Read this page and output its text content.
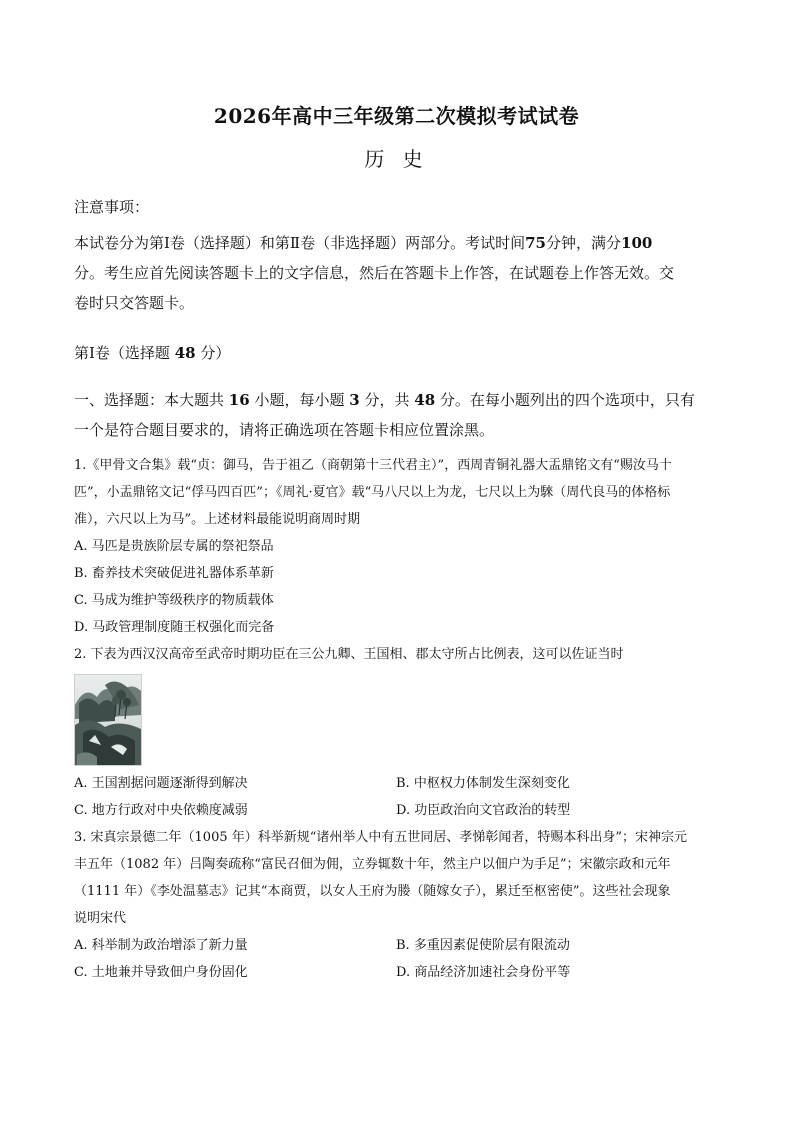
2026年高中三年级第二次模拟考试试卷
历 史
注意事项：
本试卷分为第Ⅰ卷（选择题）和第Ⅱ卷（非选择题）两部分。考试时间75分钟，满分100
分。考生应首先阅读答题卡上的文字信息，然后在答题卡上作答，在试题卷上作答无效。交
卷时只交答题卡。
第Ⅰ卷（选择题 48 分）
一、选择题：本大题共 16 小题，每小题 3 分，共 48 分。在每小题列出的四个选项中，只有
一个是符合题目要求的，请将正确选项在答题卡相应位置涂黑。
1.《甲骨文合集》载“贞：御马，告于祖乙（商朝第十三代君主）”，西周青铜礼器大盂鼎铭文有“赐汝马十
匹”，小盂鼎铭文记“俘马四百匹”；《周礼·夏官》载“马八尺以上为龙，七尺以上为騋（周代良马的体格标
准），六尺以上为马”。上述材料最能说明商周时期
A. 马匹是贵族阶层专属的祭祀祭品
B. 畜养技术突破促进礼器体系革新
C. 马成为维护等级秩序的物质载体
D. 马政管理制度随王权强化而完备
2. 下表为西汉汉高帝至武帝时期功臣在三公九卿、王国相、郡太守所占比例表，这可以佐证当时
A. 王国割据问题逐渐得到解决	B. 中枢权力体制发生深刻变化
C. 地方行政对中央依赖度减弱	D. 功臣政治向文官政治的转型
3. 宋真宗景德二年（1005 年）科举新规“诸州举人中有五世同居、孝悌彰闻者，特赐本科出身”；宋神宗元
丰五年（1082 年）吕陶奏疏称“富民召佃为佣，立券辄数十年，然主户以佃户为手足”；宋徽宗政和元年
（1111 年）《李处温墓志》记其“本商贾，以女人王府为媵（随嫁女子），累迁至枢密使”。这些社会现象
说明宋代
A. 科举制为政治增添了新力量	B. 多重因素促使阶层有限流动
C. 土地兼并导致佃户身份固化	D. 商品经济加速社会身份平等
